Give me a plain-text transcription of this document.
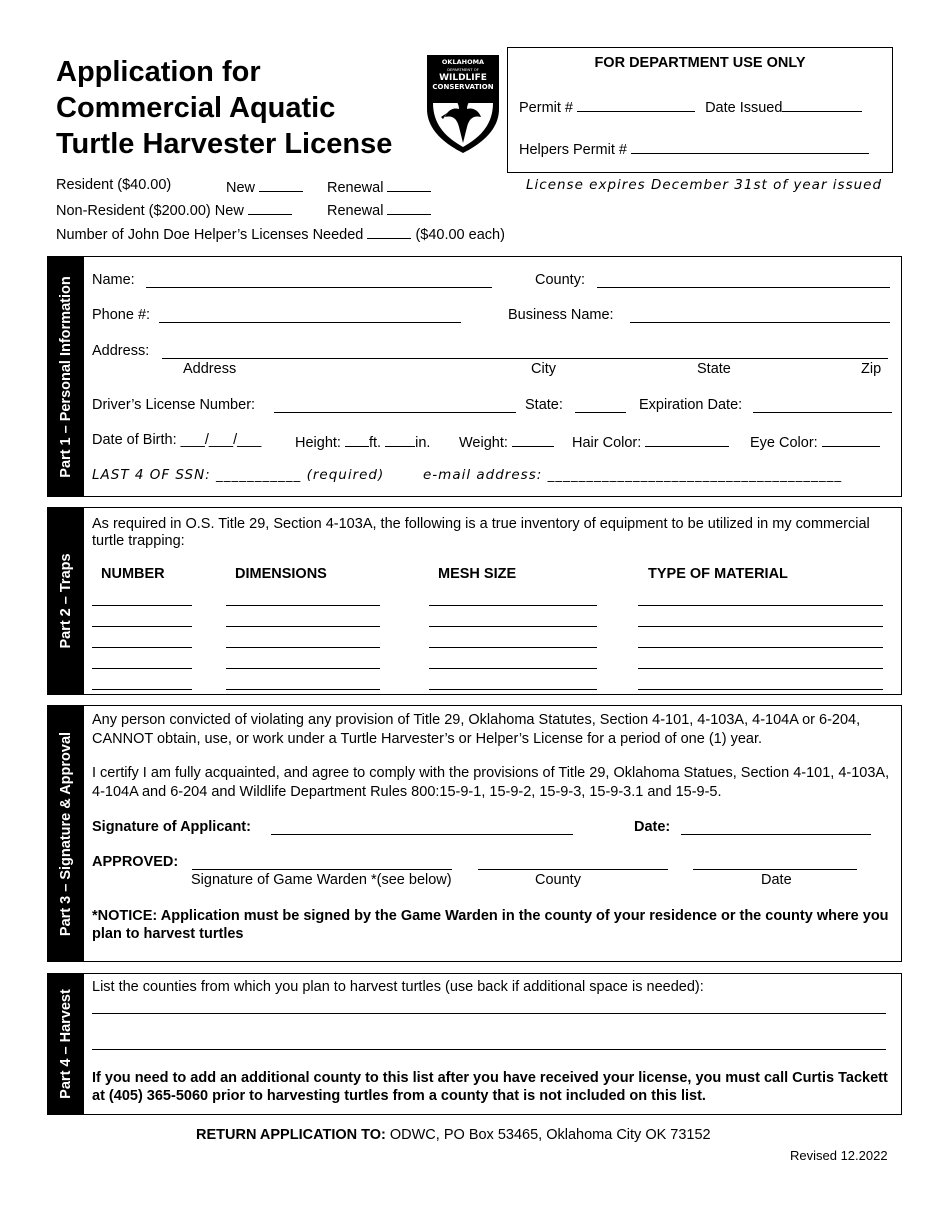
Application for
Commercial Aquatic
Turtle Harvester License
OKLAHOMA
DEPARTMENT OF
WILDLIFE
CONSERVATION
FOR DEPARTMENT USE ONLY
Permit #	Date Issued
Helpers Permit #
Resident ($40.00)	New	Renewal	License expires December 31st of year issued
Non-Resident ($200.00) New	Renewal
Number of John Doe Helper’s Licenses Needed	($40.00 each)
Part 1 – Personal Information Name:	County:
Phone #:	Business Name:
Address:
Address	City	State	Zip
Driver’s License Number:	State:	Expiration Date:
Date of Birth: ___/___/___ Height: ft. in. Weight:	Hair Color:	Eye Color:
LAST 4 OF SSN: ___________ (required)	e-mail address: ______________________________________
Part 2 – Traps
As required in O.S. Title 29, Section 4-103A, the following is a true inventory of equipment to be utilized in my commercial turtle trapping:
NUMBER	DIMENSIONS	MESH SIZE	TYPE OF MATERIAL
Part 3 – Signature & Approval
Any person convicted of violating any provision of Title 29, Oklahoma Statutes, Section 4-101, 4-103A, 4-104A or 6-204, CANNOT obtain, use, or work under a Turtle Harvester’s or Helper’s License for a period of one (1) year.
I certify I am fully acquainted, and agree to comply with the provisions of Title 29, Oklahoma Statues, Section 4-101, 4-103A, 4-104A and 6-204 and Wildlife Department Rules 800:15-9-1, 15-9-2, 15-9-3, 15-9-3.1 and 15-9-5.
Signature of Applicant:	Date:
APPROVED:
Signature of Game Warden *(see below)	County	Date
*NOTICE: Application must be signed by the Game Warden in the county of your residence or the county where you plan to harvest turtles
Part 4 – Harvest
List the counties from which you plan to harvest turtles (use back if additional space is needed):
If you need to add an additional county to this list after you have received your license, you must call Curtis Tackett at (405) 365-5060 prior to harvesting turtles from a county that is not included on this list.
RETURN APPLICATION TO: ODWC, PO Box 53465, Oklahoma City OK 73152
Revised 12.2022
